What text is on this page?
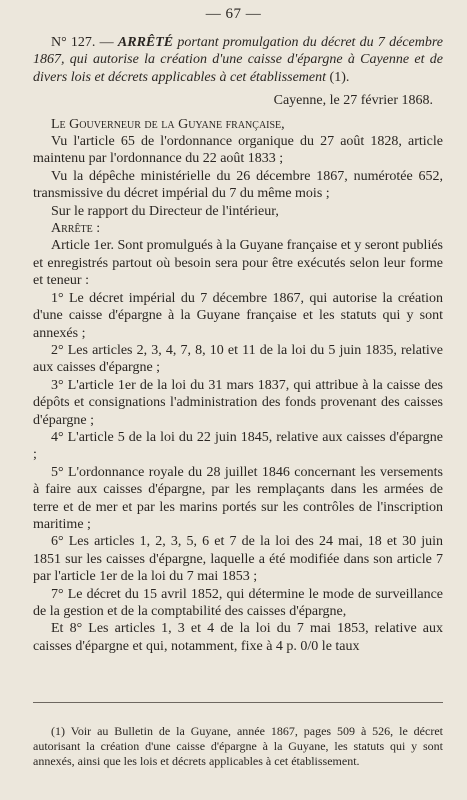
— 67 —

N° 127. — ARRÊTÉ portant promulgation du décret du 7 décembre 1867, qui autorise la création d'une caisse d'épargne à Cayenne et de divers lois et décrets applicables à cet établissement (1).

Cayenne, le 27 février 1868.

Le Gouverneur de la Guyane française,

Vu l'article 65 de l'ordonnance organique du 27 août 1828, article maintenu par l'ordonnance du 22 août 1833 ;

Vu la dépêche ministérielle du 26 décembre 1867, numérotée 652, transmissive du décret impérial du 7 du même mois ;

Sur le rapport du Directeur de l'intérieur,

Arrête :

Article 1er. Sont promulgués à la Guyane française et y seront publiés et enregistrés partout où besoin sera pour être exécutés selon leur forme et teneur :

1° Le décret impérial du 7 décembre 1867, qui autorise la création d'une caisse d'épargne à la Guyane française et les statuts qui y sont annexés ;

2° Les articles 2, 3, 4, 7, 8, 10 et 11 de la loi du 5 juin 1835, relative aux caisses d'épargne ;

3° L'article 1er de la loi du 31 mars 1837, qui attribue à la caisse des dépôts et consignations l'administration des fonds provenant des caisses d'épargne ;

4° L'article 5 de la loi du 22 juin 1845, relative aux caisses d'épargne ;

5° L'ordonnance royale du 28 juillet 1846 concernant les versements à faire aux caisses d'épargne, par les remplaçants dans les armées de terre et de mer et par les marins portés sur les contrôles de l'inscription maritime ;

6° Les articles 1, 2, 3, 5, 6 et 7 de la loi des 24 mai, 18 et 30 juin 1851 sur les caisses d'épargne, laquelle a été modifiée dans son article 7 par l'article 1er de la loi du 7 mai 1853 ;

7° Le décret du 15 avril 1852, qui détermine le mode de surveillance de la gestion et de la comptabilité des caisses d'épargne,

Et 8° Les articles 1, 3 et 4 de la loi du 7 mai 1853, relative aux caisses d'épargne et qui, notamment, fixe à 4 p. 0/0 le taux

(1) Voir au Bulletin de la Guyane, année 1867, pages 509 à 526, le décret autorisant la création d'une caisse d'épargne à la Guyane, les statuts qui y sont annexés, ainsi que les lois et décrets applicables à cet établissement.
